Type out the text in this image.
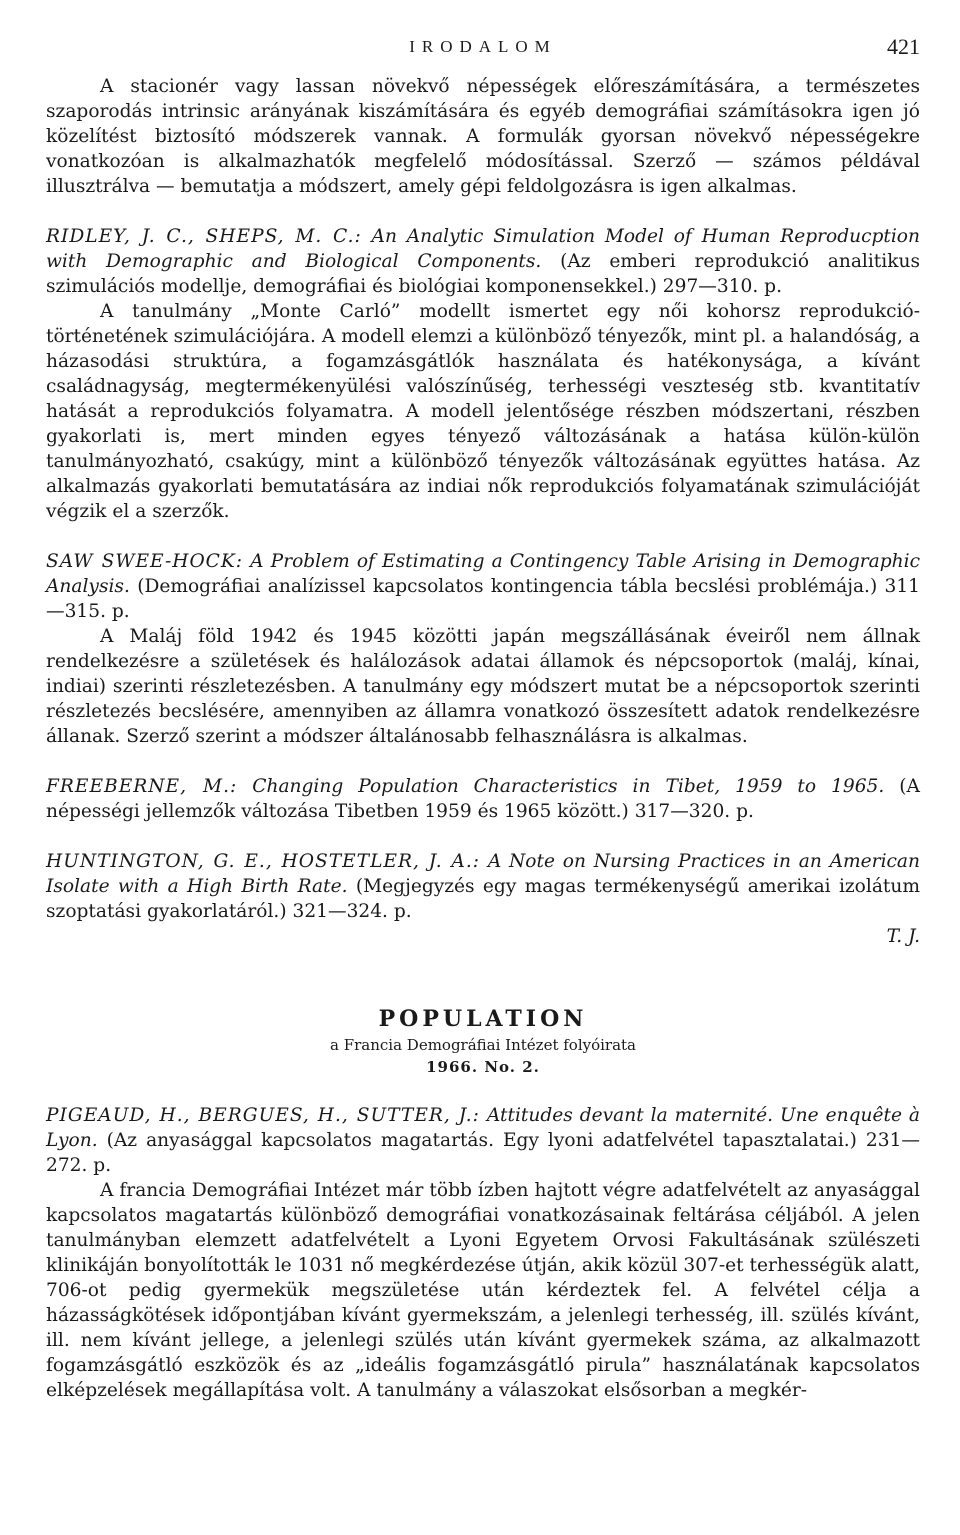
IRODALOM	421

A stacionér vagy lassan növekvő népességek előreszámítására, a természetes szaporodás intrinsic arányának kiszámítására és egyéb demográfiai számításokra igen jó közelítést biztosító módszerek vannak. A formulák gyorsan növekvő népességekre vonatkozóan is alkalmazhatók megfelelő módosítással. Szerző — számos példával illusztrálva — bemutatja a módszert, amely gépi feldolgozásra is igen alkalmas.

RIDLEY, J. C., SHEPS, M. C.: An Analytic Simulation Model of Human Reproducption with Demographic and Biological Components. (Az emberi reprodukció analitikus szimulációs modellje, demográfiai és biológiai komponensekkel.) 297—310. p.

A tanulmány „Monte Carló” modellt ismertet egy női kohorsz reprodukció-történetének szimulációjára. A modell elemzi a különböző tényezők, mint pl. a halandóság, a házasodási struktúra, a fogamzásgátlók használata és hatékonysága, a kívánt családnagyság, megtermékenyülési valószínűség, terhességi veszteség stb. kvantitatív hatását a reprodukciós folyamatra. A modell jelentősége részben módszertani, részben gyakorlati is, mert minden egyes tényező változásának a hatása külön-külön tanulmányozható, csakúgy, mint a különböző tényezők változásának együttes hatása. Az alkalmazás gyakorlati bemutatására az indiai nők reprodukciós folyamatának szimulációját végzik el a szerzők.

SAW SWEE-HOCK: A Problem of Estimating a Contingency Table Arising in Demographic Analysis. (Demográfiai analízissel kapcsolatos kontingencia tábla becslési problémája.) 311—315. p.

A Maláj föld 1942 és 1945 közötti japán megszállásának éveiről nem állnak rendelkezésre a születések és halálozások adatai államok és népcsoportok (maláj, kínai, indiai) szerinti részletezésben. A tanulmány egy módszert mutat be a népcsoportok szerinti részletezés becslésére, amennyiben az államra vonatkozó összesített adatok rendelkezésre állanak. Szerző szerint a módszer általánosabb felhasználásra is alkalmas.

FREEBERNE, M.: Changing Population Characteristics in Tibet, 1959 to 1965. (A népességi jellemzők változása Tibetben 1959 és 1965 között.) 317—320. p.

HUNTINGTON, G. E., HOSTETLER, J. A.: A Note on Nursing Practices in an American Isolate with a High Birth Rate. (Megjegyzés egy magas termékenységű amerikai izolátum szoptatási gyakorlatáról.) 321—324. p.

T. J.

POPULATION
a Francia Demográfiai Intézet folyóirata
1966. No. 2.

PIGEAUD, H., BERGUES, H., SUTTER, J.: Attitudes devant la maternité. Une enquête à Lyon. (Az anyasággal kapcsolatos magatartás. Egy lyoni adatfelvétel tapasztalatai.) 231—272. p.

A francia Demográfiai Intézet már több ízben hajtott végre adatfelvételt az anyasággal kapcsolatos magatartás különböző demográfiai vonatkozásainak feltárása céljából. A jelen tanulmányban elemzett adatfelvételt a Lyoni Egyetem Orvosi Fakultásának szülészeti klinikáján bonyolították le 1031 nő megkérdezése útján, akik közül 307-et terhességük alatt, 706-ot pedig gyermekük megszületése után kérdeztek fel. A felvétel célja a házasságkötések időpontjában kívánt gyermekszám, a jelenlegi terhesség, ill. szülés kívánt, ill. nem kívánt jellege, a jelenlegi szülés után kívánt gyermekek száma, az alkalmazott fogamzásgátló eszközök és az „ideális fogamzásgátló pirula” használatának kapcsolatos elképzelések megállapítása volt. A tanulmány a válaszokat elsősorban a megkér-
